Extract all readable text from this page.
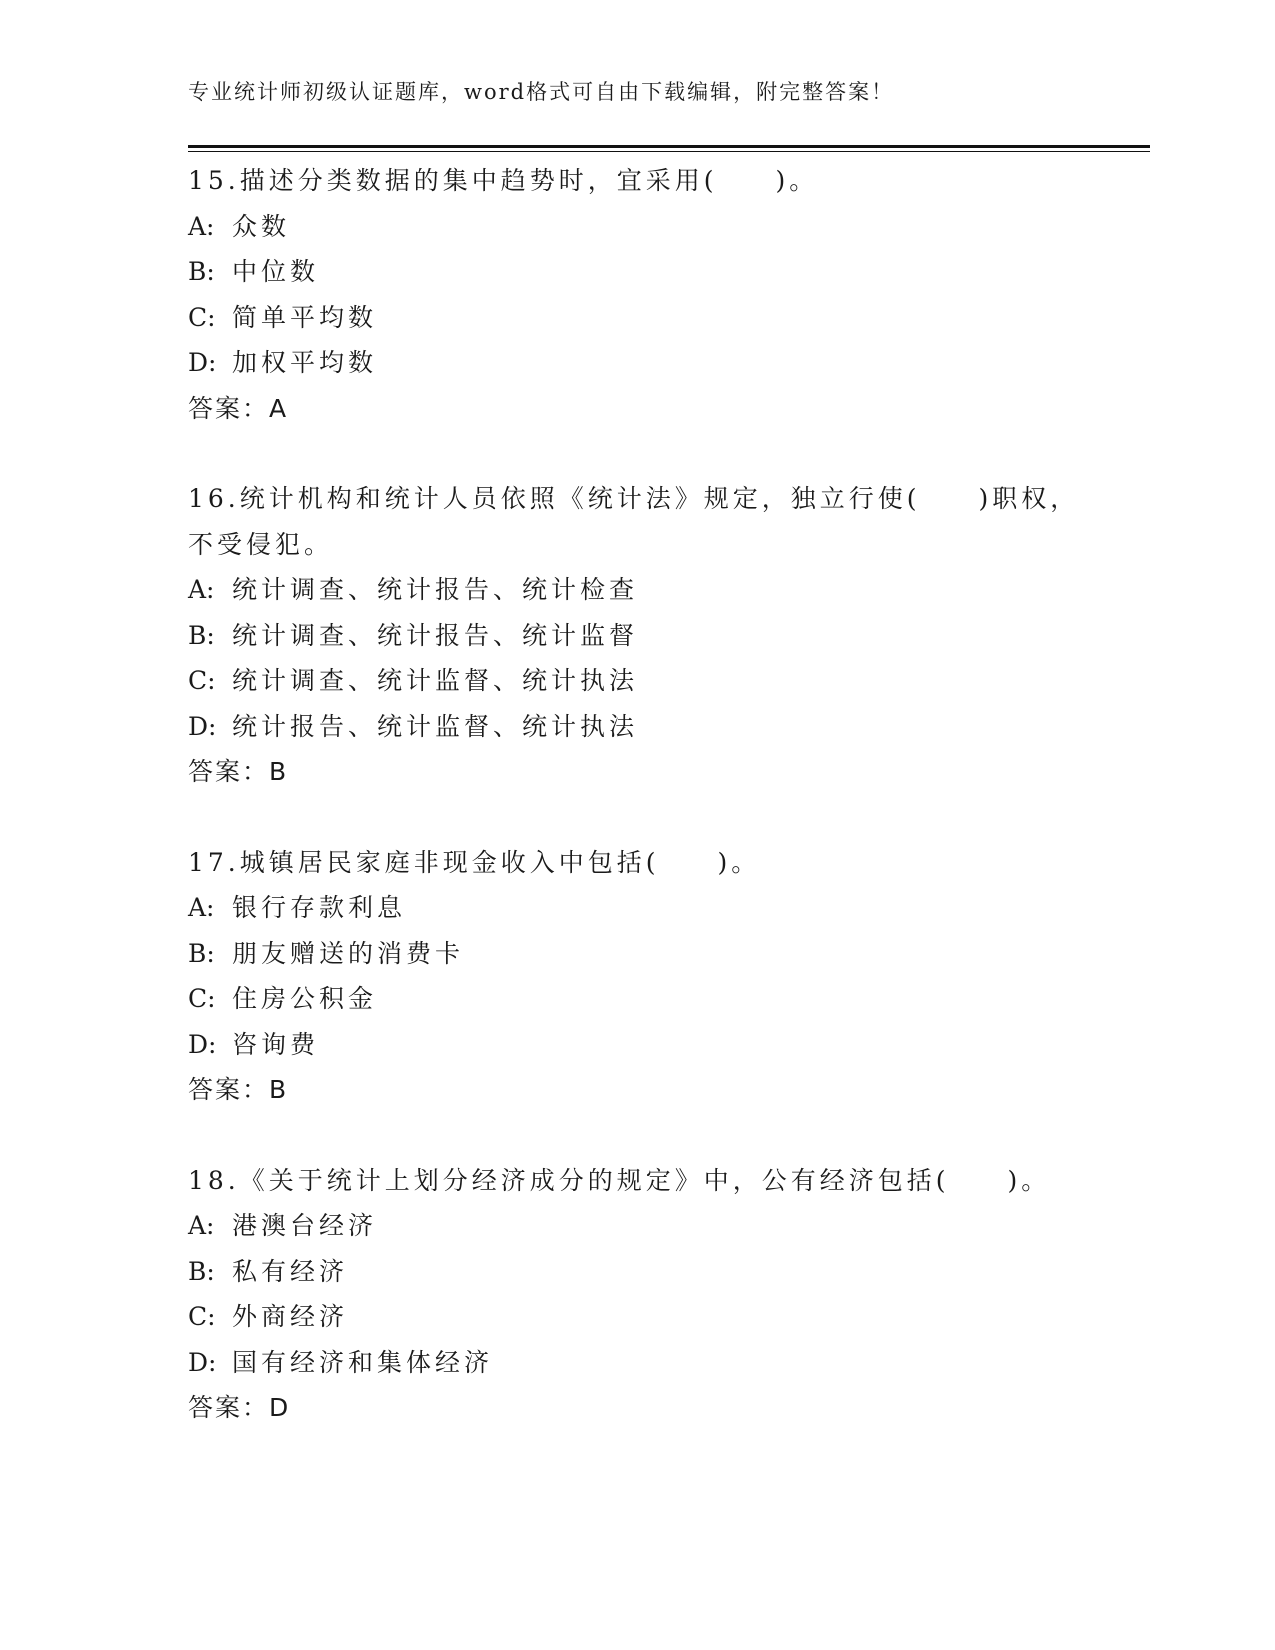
专业统计师初级认证题库，word格式可自由下载编辑，附完整答案！
15.描述分类数据的集中趋势时，宜采用(　　)。
A: 众数
B: 中位数
C: 简单平均数
D: 加权平均数
答案：A
16.统计机构和统计人员依照《统计法》规定，独立行使(　　)职权，不受侵犯。
A: 统计调查、统计报告、统计检查
B: 统计调查、统计报告、统计监督
C: 统计调查、统计监督、统计执法
D: 统计报告、统计监督、统计执法
答案：B
17.城镇居民家庭非现金收入中包括(　　)。
A: 银行存款利息
B: 朋友赠送的消费卡
C: 住房公积金
D: 咨询费
答案：B
18.《关于统计上划分经济成分的规定》中，公有经济包括(　　)。
A: 港澳台经济
B: 私有经济
C: 外商经济
D: 国有经济和集体经济
答案：D
